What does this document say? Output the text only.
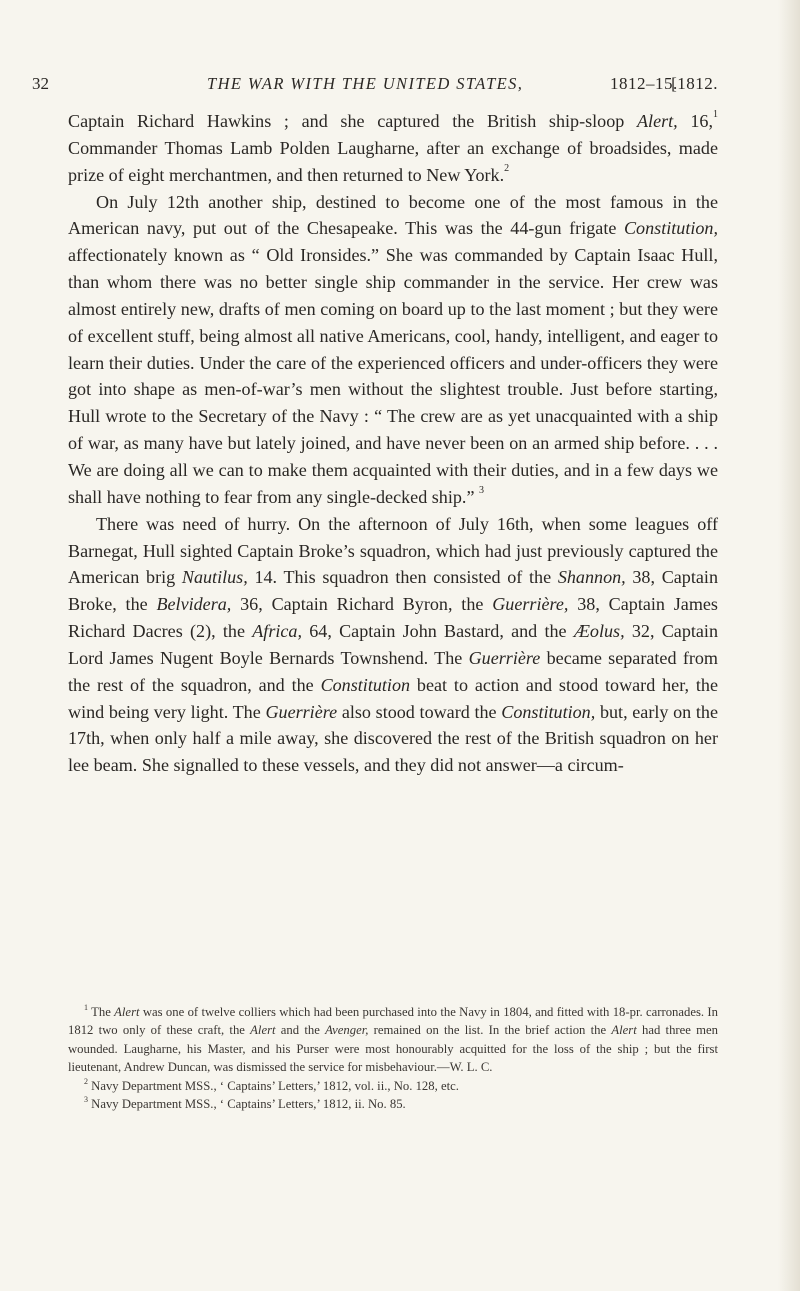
32	THE WAR WITH THE UNITED STATES,	1812–15.
[1812.

Captain Richard Hawkins ; and she captured the British ship-sloop Alert, 16,$^1$ Commander Thomas Lamb Polden Laugharne, after an exchange of broadsides, made prize of eight merchantmen, and then returned to New York.$^2$

On July 12th another ship, destined to become one of the most famous in the American navy, put out of the Chesapeake. This was the 44-gun frigate Constitution, affectionately known as “ Old Ironsides.” She was commanded by Captain Isaac Hull, than whom there was no better single ship commander in the service. Her crew was almost entirely new, drafts of men coming on board up to the last moment ; but they were of excellent stuff, being almost all native Americans, cool, handy, intelligent, and eager to learn their duties. Under the care of the experienced officers and under-officers they were got into shape as men-of-war’s men without the slightest trouble. Just before starting, Hull wrote to the Secretary of the Navy : “ The crew are as yet unacquainted with a ship of war, as many have but lately joined, and have never been on an armed ship before. . . . We are doing all we can to make them acquainted with their duties, and in a few days we shall have nothing to fear from any single-decked ship.” $^3$

There was need of hurry. On the afternoon of July 16th, when some leagues off Barnegat, Hull sighted Captain Broke’s squadron, which had just previously captured the American brig Nautilus, 14. This squadron then consisted of the Shannon, 38, Captain Broke, the Belvidera, 36, Captain Richard Byron, the Guerrière, 38, Captain James Richard Dacres (2), the Africa, 64, Captain John Bastard, and the Æolus, 32, Captain Lord James Nugent Boyle Bernards Townshend. The Guerrière became separated from the rest of the squadron, and the Constitution beat to action and stood toward her, the wind being very light. The Guerrière also stood toward the Constitution, but, early on the 17th, when only half a mile away, she discovered the rest of the British squadron on her lee beam. She signalled to these vessels, and they did not answer—a circum-

$^1$ The Alert was one of twelve colliers which had been purchased into the Navy in 1804, and fitted with 18-pr. carronades. In 1812 two only of these craft, the Alert and the Avenger, remained on the list. In the brief action the Alert had three men wounded. Laugharne, his Master, and his Purser were most honourably acquitted for the loss of the ship ; but the first lieutenant, Andrew Duncan, was dismissed the service for misbehaviour.—W. L. C.

$^2$ Navy Department MSS., ‘ Captains’ Letters,’ 1812, vol. ii., No. 128, etc.

$^3$ Navy Department MSS., ‘ Captains’ Letters,’ 1812, ii. No. 85.
